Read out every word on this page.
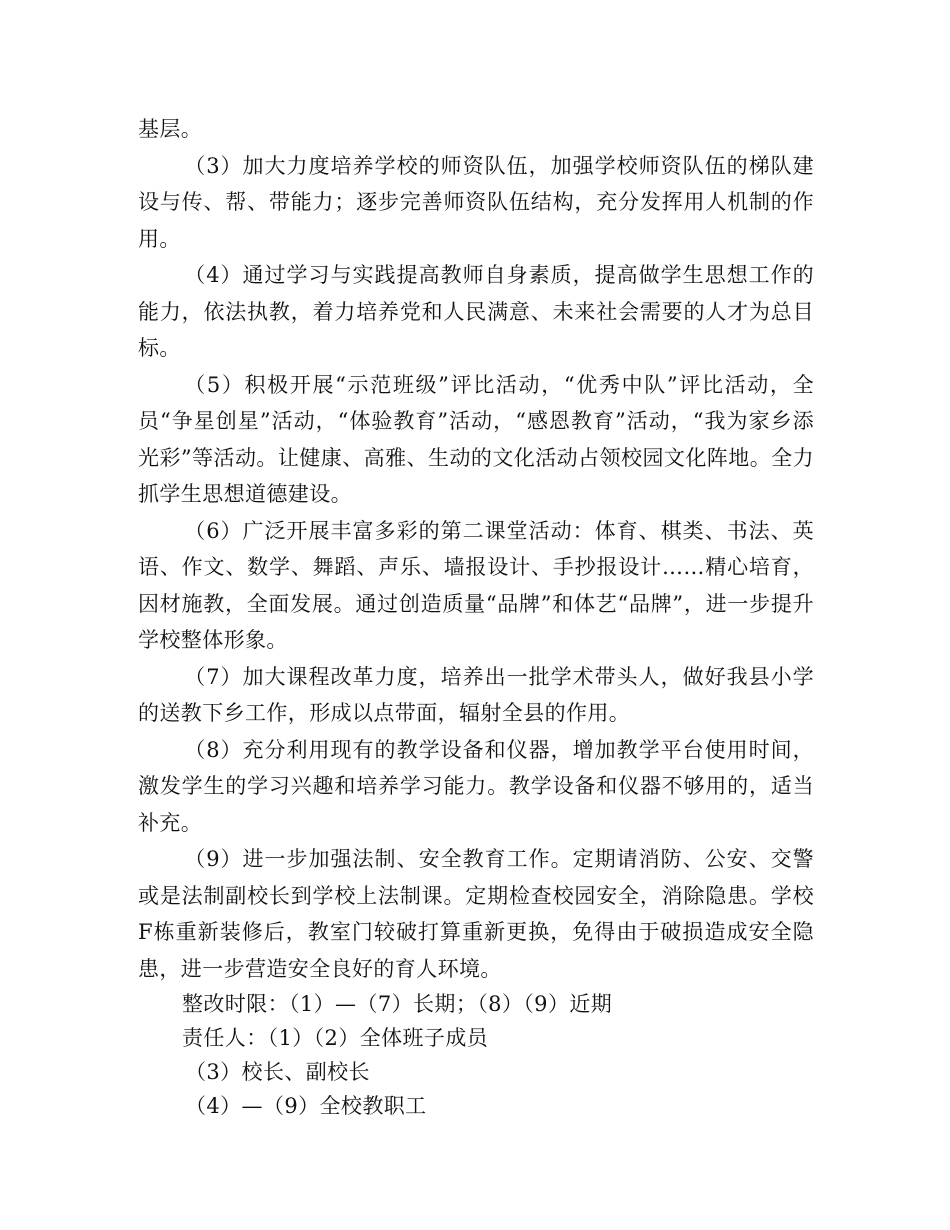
基层。

（3）加大力度培养学校的师资队伍，加强学校师资队伍的梯队建设与传、帮、带能力；逐步完善师资队伍结构，充分发挥用人机制的作用。

（4）通过学习与实践提高教师自身素质，提高做学生思想工作的能力，依法执教，着力培养党和人民满意、未来社会需要的人才为总目标。

（5）积极开展“示范班级”评比活动，“优秀中队”评比活动，全员“争星创星”活动，“体验教育”活动，“感恩教育”活动，“我为家乡添光彩”等活动。让健康、高雅、生动的文化活动占领校园文化阵地。全力抓学生思想道德建设。

（6）广泛开展丰富多彩的第二课堂活动：体育、棋类、书法、英语、作文、数学、舞蹈、声乐、墙报设计、手抄报设计……精心培育，因材施教，全面发展。通过创造质量“品牌”和体艺“品牌”，进一步提升学校整体形象。

（7）加大课程改革力度，培养出一批学术带头人，做好我县小学的送教下乡工作，形成以点带面，辐射全县的作用。

（8）充分利用现有的教学设备和仪器，增加教学平台使用时间，激发学生的学习兴趣和培养学习能力。教学设备和仪器不够用的，适当补充。

（9）进一步加强法制、安全教育工作。定期请消防、公安、交警或是法制副校长到学校上法制课。定期检查校园安全，消除隐患。学校F栋重新装修后，教室门较破打算重新更换，免得由于破损造成安全隐患，进一步营造安全良好的育人环境。

整改时限：（1）—（7）长期；（8）（9）近期

责任人：（1）（2）全体班子成员

（3）校长、副校长

（4）—（9）全校教职工
